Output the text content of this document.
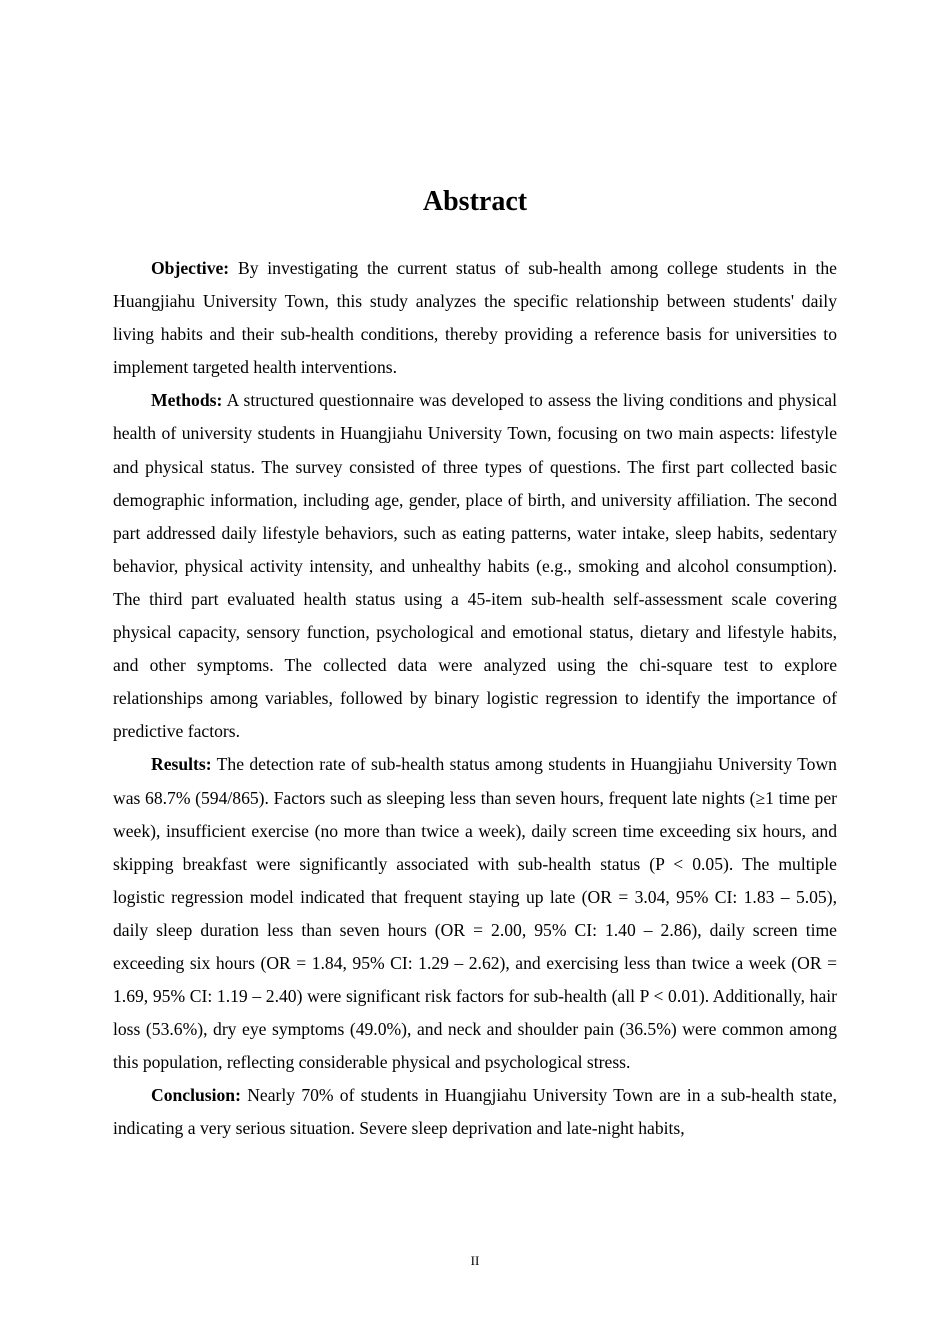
Abstract

Objective: By investigating the current status of sub-health among college students in the Huangjiahu University Town, this study analyzes the specific relationship between students' daily living habits and their sub-health conditions, thereby providing a reference basis for universities to implement targeted health interventions.

Methods: A structured questionnaire was developed to assess the living conditions and physical health of university students in Huangjiahu University Town, focusing on two main aspects: lifestyle and physical status. The survey consisted of three types of questions. The first part collected basic demographic information, including age, gender, place of birth, and university affiliation. The second part addressed daily lifestyle behaviors, such as eating patterns, water intake, sleep habits, sedentary behavior, physical activity intensity, and unhealthy habits (e.g., smoking and alcohol consumption). The third part evaluated health status using a 45-item sub-health self-assessment scale covering physical capacity, sensory function, psychological and emotional status, dietary and lifestyle habits, and other symptoms. The collected data were analyzed using the chi-square test to explore relationships among variables, followed by binary logistic regression to identify the importance of predictive factors.

Results: The detection rate of sub-health status among students in Huangjiahu University Town was 68.7% (594/865). Factors such as sleeping less than seven hours, frequent late nights (≥1 time per week), insufficient exercise (no more than twice a week), daily screen time exceeding six hours, and skipping breakfast were significantly associated with sub-health status (P < 0.05). The multiple logistic regression model indicated that frequent staying up late (OR = 3.04, 95% CI: 1.83 – 5.05), daily sleep duration less than seven hours (OR = 2.00, 95% CI: 1.40 – 2.86), daily screen time exceeding six hours (OR = 1.84, 95% CI: 1.29 – 2.62), and exercising less than twice a week (OR = 1.69, 95% CI: 1.19 – 2.40) were significant risk factors for sub-health (all P < 0.01). Additionally, hair loss (53.6%), dry eye symptoms (49.0%), and neck and shoulder pain (36.5%) were common among this population, reflecting considerable physical and psychological stress.

Conclusion: Nearly 70% of students in Huangjiahu University Town are in a sub-health state, indicating a very serious situation. Severe sleep deprivation and late-night habits,

II
